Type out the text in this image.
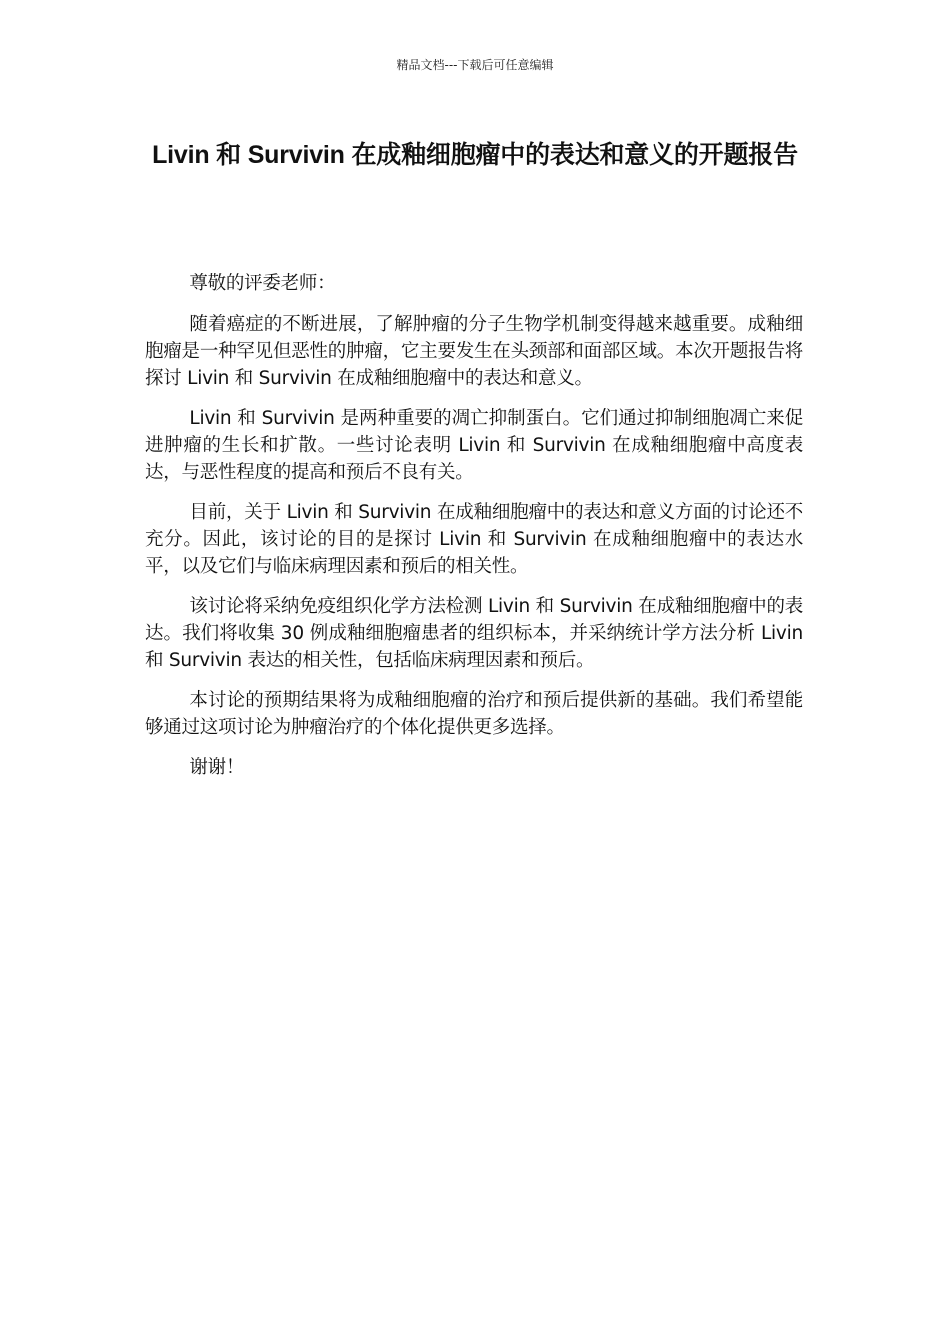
精品文档---下载后可任意编辑
Livin 和 Survivin 在成釉细胞瘤中的表达和意义的开题报告

尊敬的评委老师：

随着癌症的不断进展，了解肿瘤的分子生物学机制变得越来越重要。成釉细胞瘤是一种罕见但恶性的肿瘤，它主要发生在头颈部和面部区域。本次开题报告将探讨 Livin 和 Survivin 在成釉细胞瘤中的表达和意义。

Livin 和 Survivin 是两种重要的凋亡抑制蛋白。它们通过抑制细胞凋亡来促进肿瘤的生长和扩散。一些讨论表明 Livin 和 Survivin 在成釉细胞瘤中高度表达，与恶性程度的提高和预后不良有关。

目前，关于 Livin 和 Survivin 在成釉细胞瘤中的表达和意义方面的讨论还不充分。因此，该讨论的目的是探讨 Livin 和 Survivin 在成釉细胞瘤中的表达水平，以及它们与临床病理因素和预后的相关性。

该讨论将采纳免疫组织化学方法检测 Livin 和 Survivin 在成釉细胞瘤中的表达。我们将收集 30 例成釉细胞瘤患者的组织标本，并采纳统计学方法分析 Livin 和 Survivin 表达的相关性，包括临床病理因素和预后。

本讨论的预期结果将为成釉细胞瘤的治疗和预后提供新的基础。我们希望能够通过这项讨论为肿瘤治疗的个体化提供更多选择。

谢谢！
